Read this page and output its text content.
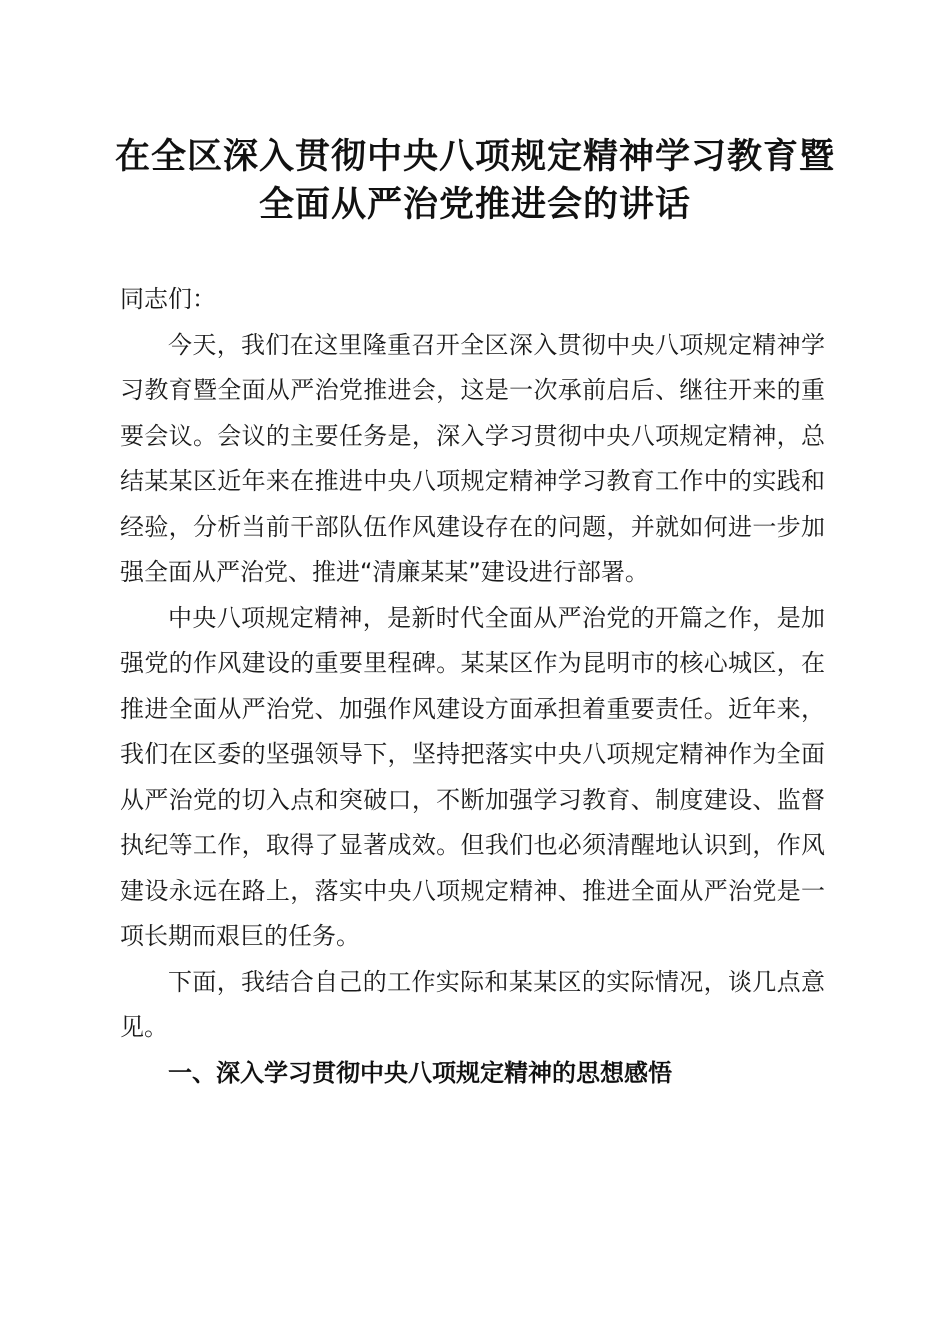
在全区深入贯彻中央八项规定精神学习教育暨
全面从严治党推进会的讲话

同志们：

今天，我们在这里隆重召开全区深入贯彻中央八项规定精神学习教育暨全面从严治党推进会，这是一次承前启后、继往开来的重要会议。会议的主要任务是，深入学习贯彻中央八项规定精神，总结某某区近年来在推进中央八项规定精神学习教育工作中的实践和经验，分析当前干部队伍作风建设存在的问题，并就如何进一步加强全面从严治党、推进“清廉某某”建设进行部署。

中央八项规定精神，是新时代全面从严治党的开篇之作，是加强党的作风建设的重要里程碑。某某区作为昆明市的核心城区，在推进全面从严治党、加强作风建设方面承担着重要责任。近年来，我们在区委的坚强领导下，坚持把落实中央八项规定精神作为全面从严治党的切入点和突破口，不断加强学习教育、制度建设、监督执纪等工作，取得了显著成效。但我们也必须清醒地认识到，作风建设永远在路上，落实中央八项规定精神、推进全面从严治党是一项长期而艰巨的任务。

下面，我结合自己的工作实际和某某区的实际情况，谈几点意见。

一、深入学习贯彻中央八项规定精神的思想感悟
